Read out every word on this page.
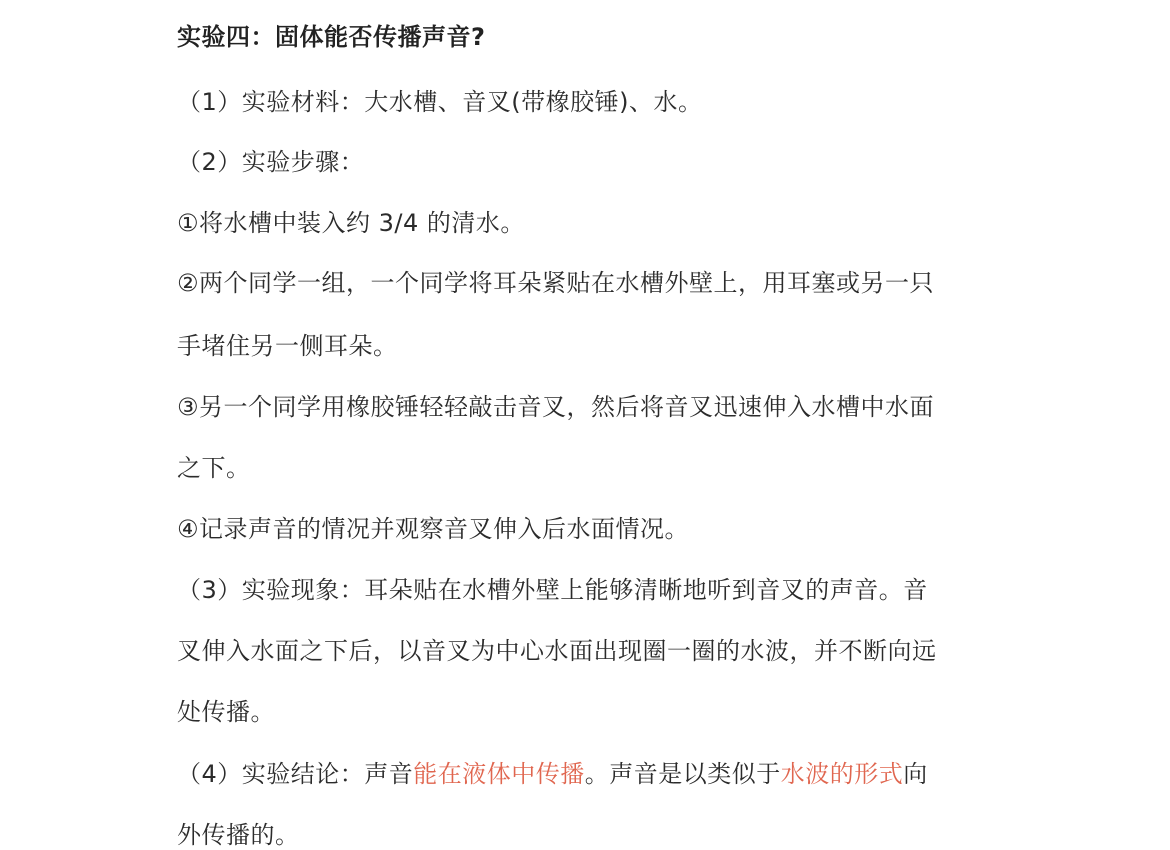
实验四：固体能否传播声音?
（1）实验材料：大水槽、音叉(带橡胶锤)、水。
（2）实验步骤：
①将水槽中装入约 3/4 的清水。
②两个同学一组，一个同学将耳朵紧贴在水槽外壁上，用耳塞或另一只
手堵住另一侧耳朵。
③另一个同学用橡胶锤轻轻敲击音叉，然后将音叉迅速伸入水槽中水面
之下。
④记录声音的情况并观察音叉伸入后水面情况。
（3）实验现象：耳朵贴在水槽外壁上能够清晰地听到音叉的声音。音
叉伸入水面之下后，以音叉为中心水面出现圈一圈的水波，并不断向远
处传播。
（4）实验结论：声音能在液体中传播。声音是以类似于水波的形式向
外传播的。
